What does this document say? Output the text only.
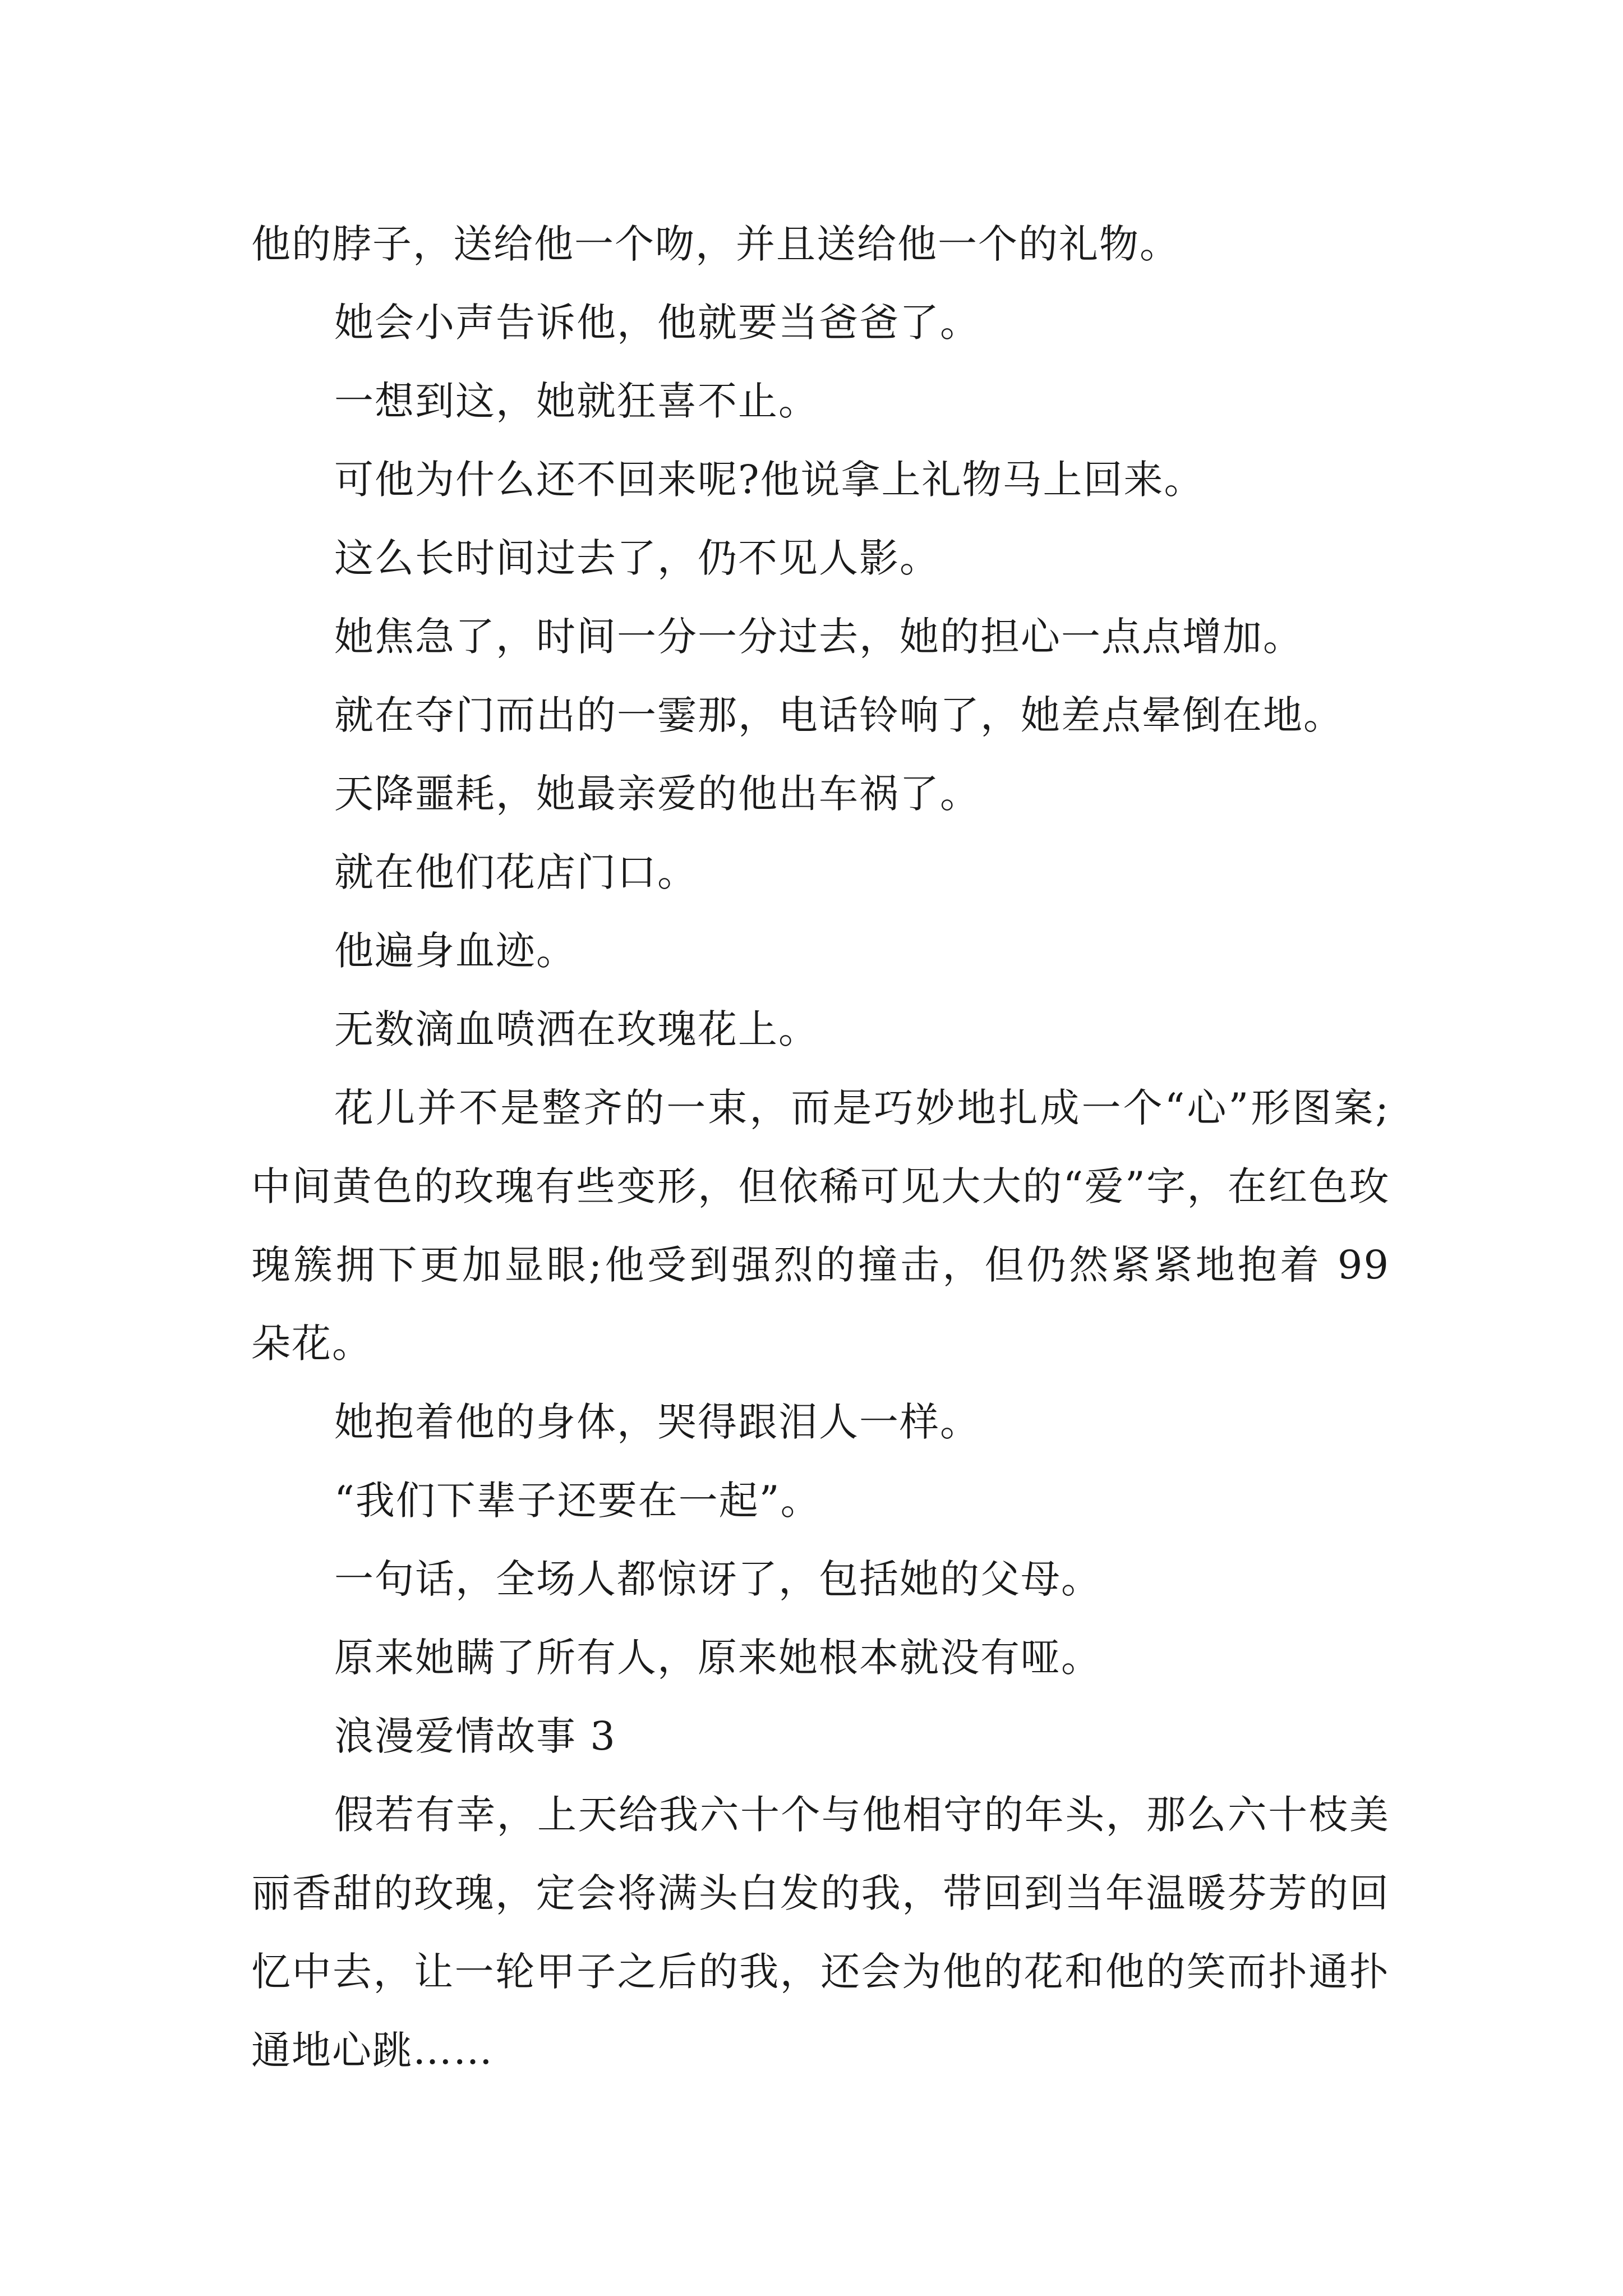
他的脖子，送给他一个吻，并且送给他一个的礼物。

她会小声告诉他，他就要当爸爸了。

一想到这，她就狂喜不止。

可他为什么还不回来呢?他说拿上礼物马上回来。

这么长时间过去了，仍不见人影。

她焦急了，时间一分一分过去，她的担心一点点增加。

就在夺门而出的一霎那，电话铃响了，她差点晕倒在地。

天降噩耗，她最亲爱的他出车祸了。

就在他们花店门口。

他遍身血迹。

无数滴血喷洒在玫瑰花上。

花儿并不是整齐的一束，而是巧妙地扎成一个“心”形图案;中间黄色的玫瑰有些变形，但依稀可见大大的“爱”字，在红色玫瑰簇拥下更加显眼;他受到强烈的撞击，但仍然紧紧地抱着 99 朵花。

她抱着他的身体，哭得跟泪人一样。

“我们下辈子还要在一起”。

一句话，全场人都惊讶了，包括她的父母。

原来她瞒了所有人，原来她根本就没有哑。

浪漫爱情故事 3

假若有幸，上天给我六十个与他相守的年头，那么六十枝美丽香甜的玫瑰，定会将满头白发的我，带回到当年温暖芬芳的回忆中去，让一轮甲子之后的我，还会为他的花和他的笑而扑通扑通地心跳……
